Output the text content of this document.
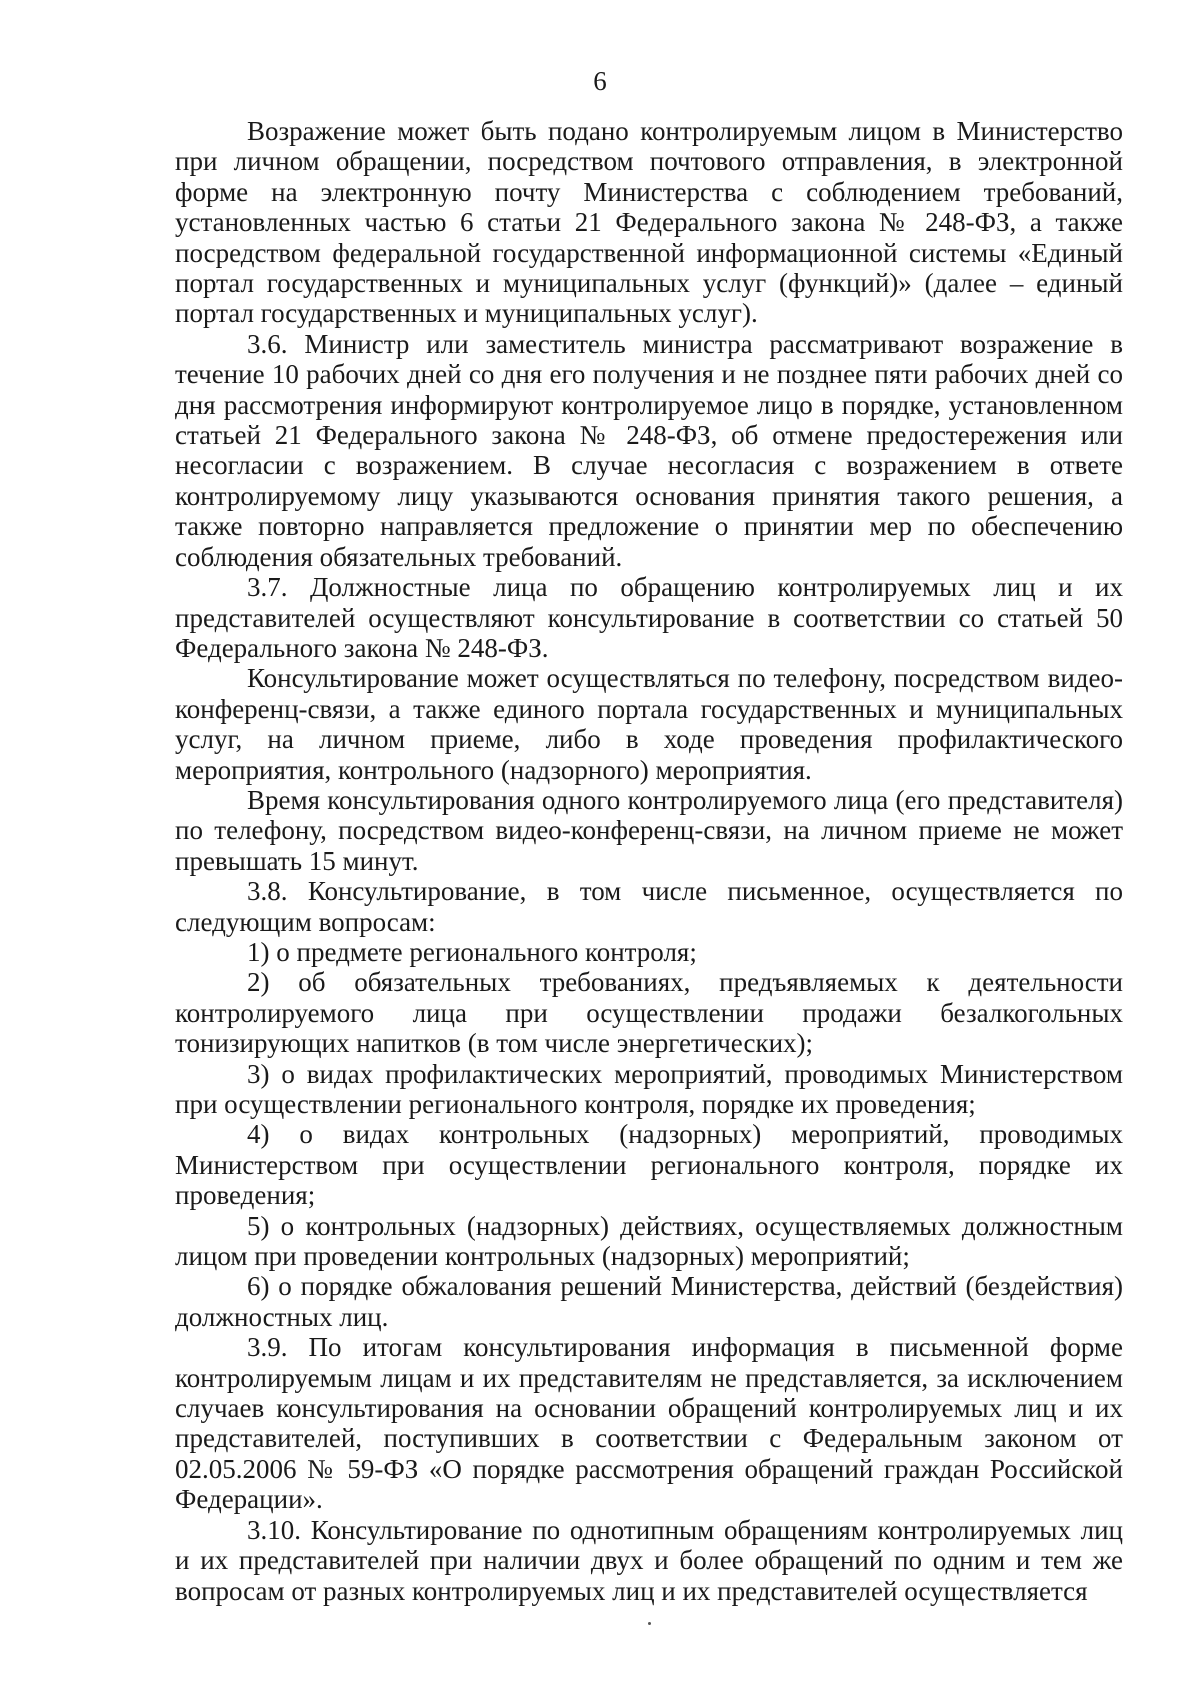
6

Возражение может быть подано контролируемым лицом в Министерство при личном обращении, посредством почтового отправления, в электронной форме на электронную почту Министерства с соблюдением требований, установленных частью 6 статьи 21 Федерального закона № 248-ФЗ, а также посредством федеральной государственной информационной системы «Единый портал государственных и муниципальных услуг (функций)» (далее – единый портал государственных и муниципальных услуг).

3.6. Министр или заместитель министра рассматривают возражение в течение 10 рабочих дней со дня его получения и не позднее пяти рабочих дней со дня рассмотрения информируют контролируемое лицо в порядке, установленном статьей 21 Федерального закона № 248-ФЗ, об отмене предостережения или несогласии с возражением. В случае несогласия с возражением в ответе контролируемому лицу указываются основания принятия такого решения, а также повторно направляется предложение о принятии мер по обеспечению соблюдения обязательных требований.

3.7. Должностные лица по обращению контролируемых лиц и их представителей осуществляют консультирование в соответствии со статьей 50 Федерального закона № 248-ФЗ.

Консультирование может осуществляться по телефону, посредством видео-конференц-связи, а также единого портала государственных и муниципальных услуг, на личном приеме, либо в ходе проведения профилактического мероприятия, контрольного (надзорного) мероприятия.

Время консультирования одного контролируемого лица (его представителя) по телефону, посредством видео-конференц-связи, на личном приеме не может превышать 15 минут.

3.8. Консультирование, в том числе письменное, осуществляется по следующим вопросам:

1) о предмете регионального контроля;

2) об обязательных требованиях, предъявляемых к деятельности контролируемого лица при осуществлении продажи безалкогольных тонизирующих напитков (в том числе энергетических);

3) о видах профилактических мероприятий, проводимых Министерством при осуществлении регионального контроля, порядке их проведения;

4) о видах контрольных (надзорных) мероприятий, проводимых Министерством при осуществлении регионального контроля, порядке их проведения;

5) о контрольных (надзорных) действиях, осуществляемых должностным лицом при проведении контрольных (надзорных) мероприятий;

6) о порядке обжалования решений Министерства, действий (бездействия) должностных лиц.

3.9. По итогам консультирования информация в письменной форме контролируемым лицам и их представителям не представляется, за исключением случаев консультирования на основании обращений контролируемых лиц и их представителей, поступивших в соответствии с Федеральным законом от 02.05.2006 № 59-ФЗ «О порядке рассмотрения обращений граждан Российской Федерации».

3.10. Консультирование по однотипным обращениям контролируемых лиц и их представителей при наличии двух и более обращений по одним и тем же вопросам от разных контролируемых лиц и их представителей осуществляется
